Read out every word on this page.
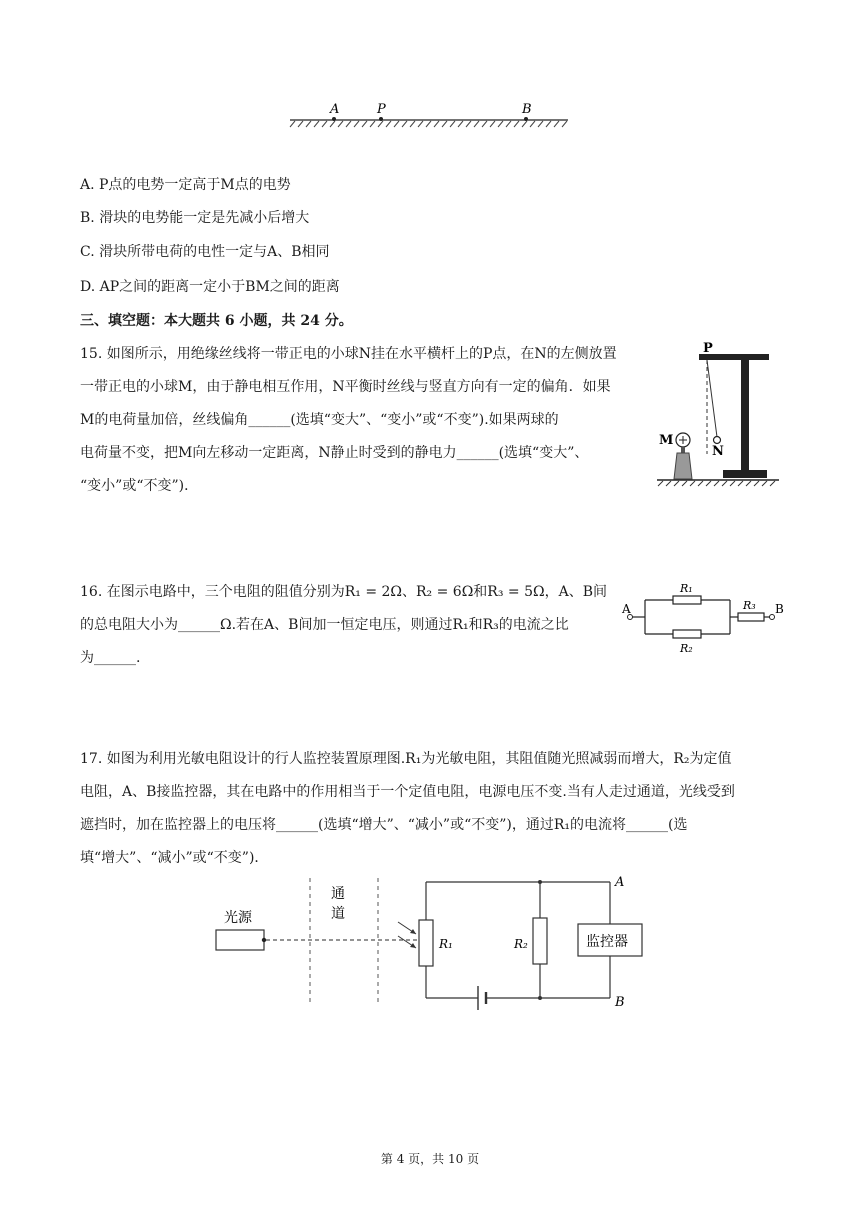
A	P	B
A. P点的电势一定高于M点的电势
B. 滑块的电势能一定是先减小后增大
C. 滑块所带电荷的电性一定与A、B相同
D. AP之间的距离一定小于BM之间的距离
三、填空题：本大题共 6 小题，共 24 分。

15. 如图所示，用绝缘丝线将一带正电的小球N挂在水平横杆上的P点，在N的左侧放置

一带正电的小球M，由于静电相互作用，N平衡时丝线与竖直方向有一定的偏角．如果

M的电荷量加倍，丝线偏角______(选填“变大”、“变小”或“不变”).如果两球的

电荷量不变，把M向左移动一定距离，N静止时受到的静电力______(选填“变大”、

“变小”或“不变”)．

P
M
N

16. 在图示电路中，三个电阻的阻值分别为R₁ = 2Ω、R₂ = 6Ω和R₃ = 5Ω，A、B间

的总电阻大小为______Ω.若在A、B间加一恒定电压，则通过R₁和R₃的电流之比

为______.

A	B
R₁
R₂
R₃

17. 如图为利用光敏电阻设计的行人监控装置原理图.R₁为光敏电阻，其阻值随光照减弱而增大，R₂为定值

电阻，A、B接监控器，其在电路中的作用相当于一个定值电阻，电源电压不变.当有人走过通道，光线受到

遮挡时，加在监控器上的电压将______(选填“增大”、“减小”或“不变”)，通过R₁的电流将______(选

填“增大”、“减小”或“不变”)．

光源
通
道
监控器
R₁	R₂
A
B
第 4 页，共 10 页
